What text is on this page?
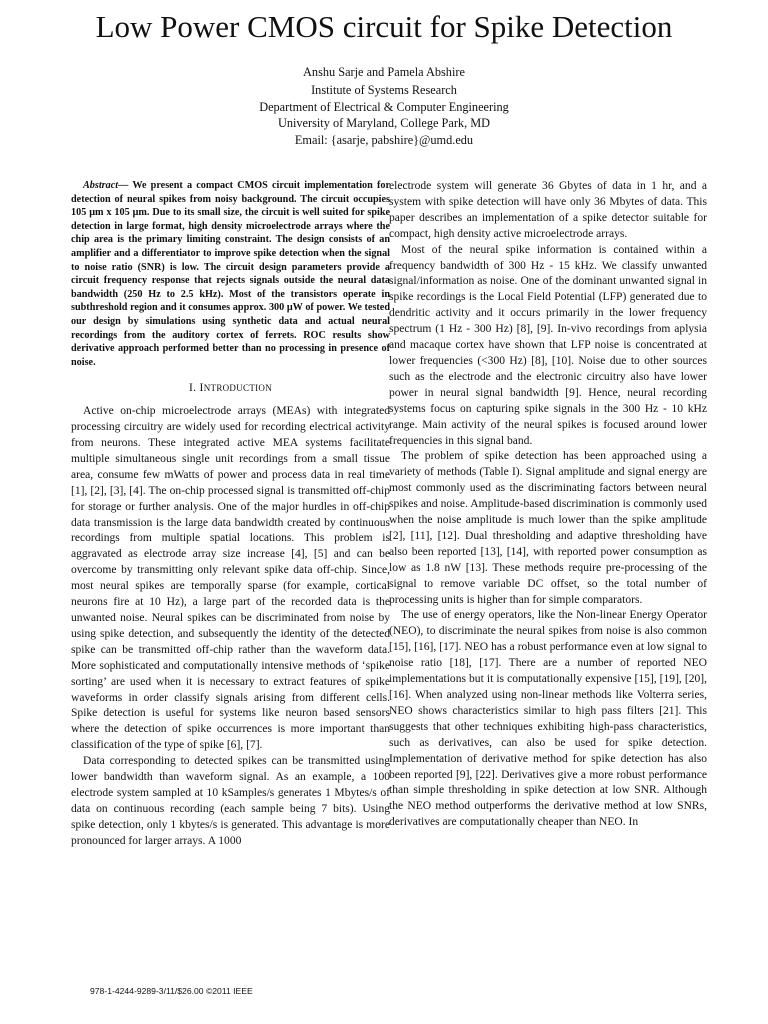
Low Power CMOS circuit for Spike Detection
Anshu Sarje and Pamela Abshire
Institute of Systems Research
Department of Electrical & Computer Engineering
University of Maryland, College Park, MD
Email: {asarje, pabshire}@umd.edu

Abstract— We present a compact CMOS circuit implementation for detection of neural spikes from noisy background. The circuit occupies 105 μm x 105 μm. Due to its small size, the circuit is well suited for spike detection in large format, high density microelectrode arrays where the chip area is the primary limiting constraint. The design consists of an amplifier and a differentiator to improve spike detection when the signal to noise ratio (SNR) is low. The circuit design parameters provide a circuit frequency response that rejects signals outside the neural data bandwidth (250 Hz to 2.5 kHz). Most of the transistors operate in subthreshold region and it consumes approx. 300 μW of power. We tested our design by simulations using synthetic data and actual neural recordings from the auditory cortex of ferrets. ROC results show derivative approach performed better than no processing in presence of noise.

I. INTRODUCTION

Active on-chip microelectrode arrays (MEAs) with integrated processing circuitry are widely used for recording electrical activity from neurons. These integrated active MEA systems facilitate multiple simultaneous single unit recordings from a small tissue area, consume few mWatts of power and process data in real time [1], [2], [3], [4]. The on-chip processed signal is transmitted off-chip for storage or further analysis. One of the major hurdles in off-chip data transmission is the large data bandwidth created by continuous recordings from multiple spatial locations. This problem is aggravated as electrode array size increase [4], [5] and can be overcome by transmitting only relevant spike data off-chip. Since, most neural spikes are temporally sparse (for example, cortical neurons fire at 10 Hz), a large part of the recorded data is the unwanted noise. Neural spikes can be discriminated from noise by using spike detection, and subsequently the identity of the detected spike can be transmitted off-chip rather than the waveform data. More sophisticated and computationally intensive methods of ‘spike sorting’ are used when it is necessary to extract features of spike waveforms in order classify signals arising from different cells. Spike detection is useful for systems like neuron based sensors where the detection of spike occurrences is more important than classification of the type of spike [6], [7].

Data corresponding to detected spikes can be transmitted using lower bandwidth than waveform signal. As an example, a 100 electrode system sampled at 10 kSamples/s generates 1 Mbytes/s of data on continuous recording (each sample being 7 bits). Using spike detection, only 1 kbytes/s is generated. This advantage is more pronounced for larger arrays. A 1000

electrode system will generate 36 Gbytes of data in 1 hr, and a system with spike detection will have only 36 Mbytes of data. This paper describes an implementation of a spike detector suitable for compact, high density active microelectrode arrays.

Most of the neural spike information is contained within a frequency bandwidth of 300 Hz - 15 kHz. We classify unwanted signal/information as noise. One of the dominant unwanted signal in spike recordings is the Local Field Potential (LFP) generated due to dendritic activity and it occurs primarily in the lower frequency spectrum (1 Hz - 300 Hz) [8], [9]. In-vivo recordings from aplysia and macaque cortex have shown that LFP noise is concentrated at lower frequencies (<300 Hz) [8], [10]. Noise due to other sources such as the electrode and the electronic circuitry also have lower power in neural signal bandwidth [9]. Hence, neural recording systems focus on capturing spike signals in the 300 Hz - 10 kHz range. Main activity of the neural spikes is focused around lower frequencies in this signal band.

The problem of spike detection has been approached using a variety of methods (Table I). Signal amplitude and signal energy are most commonly used as the discriminating factors between neural spikes and noise. Amplitude-based discrimination is commonly used when the noise amplitude is much lower than the spike amplitude [2], [11], [12]. Dual thresholding and adaptive thresholding have also been reported [13], [14], with reported power consumption as low as 1.8 nW [13]. These methods require pre-processing of the signal to remove variable DC offset, so the total number of processing units is higher than for simple comparators.

The use of energy operators, like the Non-linear Energy Operator (NEO), to discriminate the neural spikes from noise is also common [15], [16], [17]. NEO has a robust performance even at low signal to noise ratio [18], [17]. There are a number of reported NEO implementations but it is computationally expensive [15], [19], [20], [16]. When analyzed using non-linear methods like Volterra series, NEO shows characteristics similar to high pass filters [21]. This suggests that other techniques exhibiting high-pass characteristics, such as derivatives, can also be used for spike detection. Implementation of derivative method for spike detection has also been reported [9], [22]. Derivatives give a more robust performance than simple thresholding in spike detection at low SNR. Although the NEO method outperforms the derivative method at low SNRs, derivatives are computationally cheaper than NEO. In

978-1-4244-9289-3/11/$26.00 ©2011 IEEE
